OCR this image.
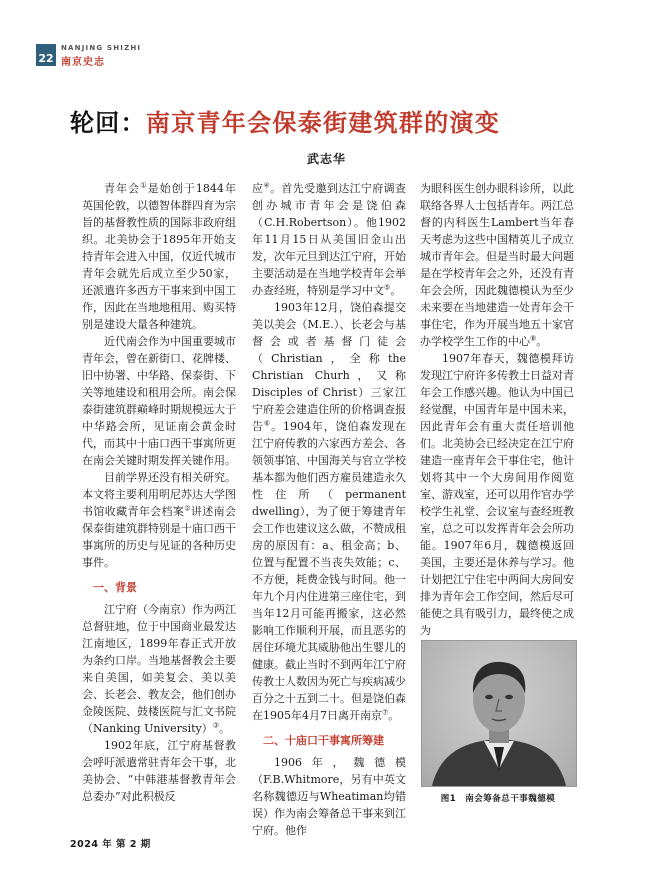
22
NANJING SHIZHI
南京史志
轮回：南京青年会保泰街建筑群的演变
武志华

青年会①是始创于1844年英国伦敦，以德智体群四育为宗旨的基督教性质的国际非政府组织。北美协会于1895年开始支持青年会进入中国，仅近代城市青年会就先后成立至少50家，还派遣许多西方干事来到中国工作，因此在当地地租用、购买特别是建设大量各种建筑。

近代南会作为中国重要城市青年会，曾在新街口、花牌楼、旧中协署、中华路、保泰街、下关等地建设和租用会所。南会保泰街建筑群巅峰时期规模远大于中华路会所，见证南会黄金时代，而其中十庙口西干事寓所更在南会关键时期发挥关键作用。

目前学界还没有相关研究。本文将主要利用明尼苏达大学图书馆收藏青年会档案②讲述南会保泰街建筑群特别是十庙口西干事寓所的历史与见证的各种历史事件。

一、背景

江宁府（今南京）作为两江总督驻地，位于中国商业最发达江南地区，1899年春正式开放为条约口岸。当地基督教会主要来自美国，如美复会、美以美会、长老会、教友会，他们创办金陵医院、鼓楼医院与汇文书院（Nanking University）③。

1902年底，江宁府基督教会呼吁派遣常驻青年会干事，北美协会、“中韩港基督教青年会总委办”对此积极反

应④。首先受邀到达江宁府调查创办城市青年会是饶伯森（C.H.Robertson）。他1902年11月15日从美国旧金山出发，次年元旦到达江宁府，开始主要活动是在当地学校青年会举办查经班，特别是学习中文⑤。

1903年12月，饶伯森提交美以美会（M.E.）、长老会与基督会或者基督门徒会（Christian，全称the Christian Churh，又称Disciples of Christ）三家江宁府差会建造住所的价格调查报告⑥。1904年，饶伯森发现在江宁府传教的六家西方差会、各领领事馆、中国海关与官立学校基本都为他们西方雇员建造永久性住所（permanent dwelling），为了便于筹建青年会工作也建议这么做，不赞成租房的原因有：a、租金高；b、位置与配置不当丧失效能；c、不方便，耗费金钱与时间。他一年九个月内住进第三座住宅，到当年12月可能再搬家，这必然影响工作顺利开展，而且恶劣的居住环境尤其威胁他出生婴儿的健康。截止当时不到两年江宁府传教士人数因为死亡与疾病减少百分之十五到二十。但是饶伯森在1905年4月7日离开南京⑦。

二、十庙口干事寓所筹建

1906年，魏德模（F.B.Whitmore，另有中英文名称魏德迈与Wheatiman均错误）作为南会筹备总干事来到江宁府。他作

为眼科医生创办眼科诊所，以此联络各界人士包括青年。两江总督的内科医生Lambert当年春天考虑为这些中国精英儿子成立城市青年会。但是当时最大问题是在学校青年会之外，还没有青年会会所，因此魏德模认为至少未来要在当地建造一处青年会干事住宅，作为开展当地五十家官办学校学生工作的中心⑧。

1907年春天，魏德模拜访发现江宁府许多传教士日益对青年会工作感兴趣。他认为中国已经觉醒，中国青年是中国未来，因此青年会有重大责任培训他们。北美协会已经决定在江宁府建造一座青年会干事住宅，他计划将其中一个大房间用作阅览室、游戏室，还可以用作官办学校学生礼堂、会议室与查经班教室，总之可以发挥青年会会所功能。1907年6月，魏德模返回美国，主要还是休养与学习。他计划把江宁住宅中两间大房间安排为青年会工作空间，然后尽可能使之具有吸引力，最终使之成为

图1　南会筹备总干事魏德模
2024 年 第 2 期
